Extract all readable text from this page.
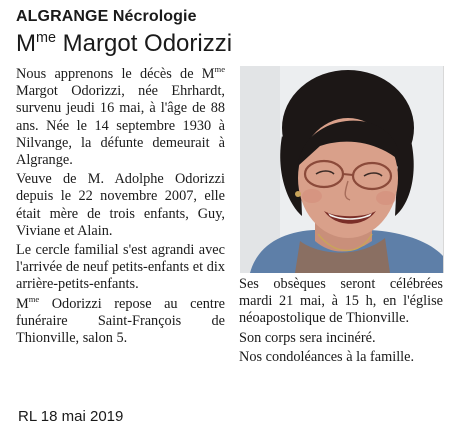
ALGRANGE Nécrologie
$M^{me}$ Margot Odorizzi

Nous apprenons le décès de $M^{me}$ Margot Odorizzi, née Ehrhardt, survenu jeudi 16 mai, à l'âge de 88 ans. Née le 14 septembre 1930 à Nilvange, la défunte demeurait à Algrange.

Veuve de M. Adolphe Odorizzi depuis le 22 novembre 2007, elle était mère de trois enfants, Guy, Viviane et Alain.

Le cercle familial s'est agrandi avec l'arrivée de neuf petits-enfants et dix arrière-petits-enfants.

$M^{me}$ Odorizzi repose au centre funéraire Saint-François de Thionville, salon 5.

Ses obsèques seront célébrées mardi 21 mai, à 15 h, en l'église néoapostolique de Thionville.

Son corps sera incinéré.

Nos condoléances à la famille.

RL 18 mai 2019
